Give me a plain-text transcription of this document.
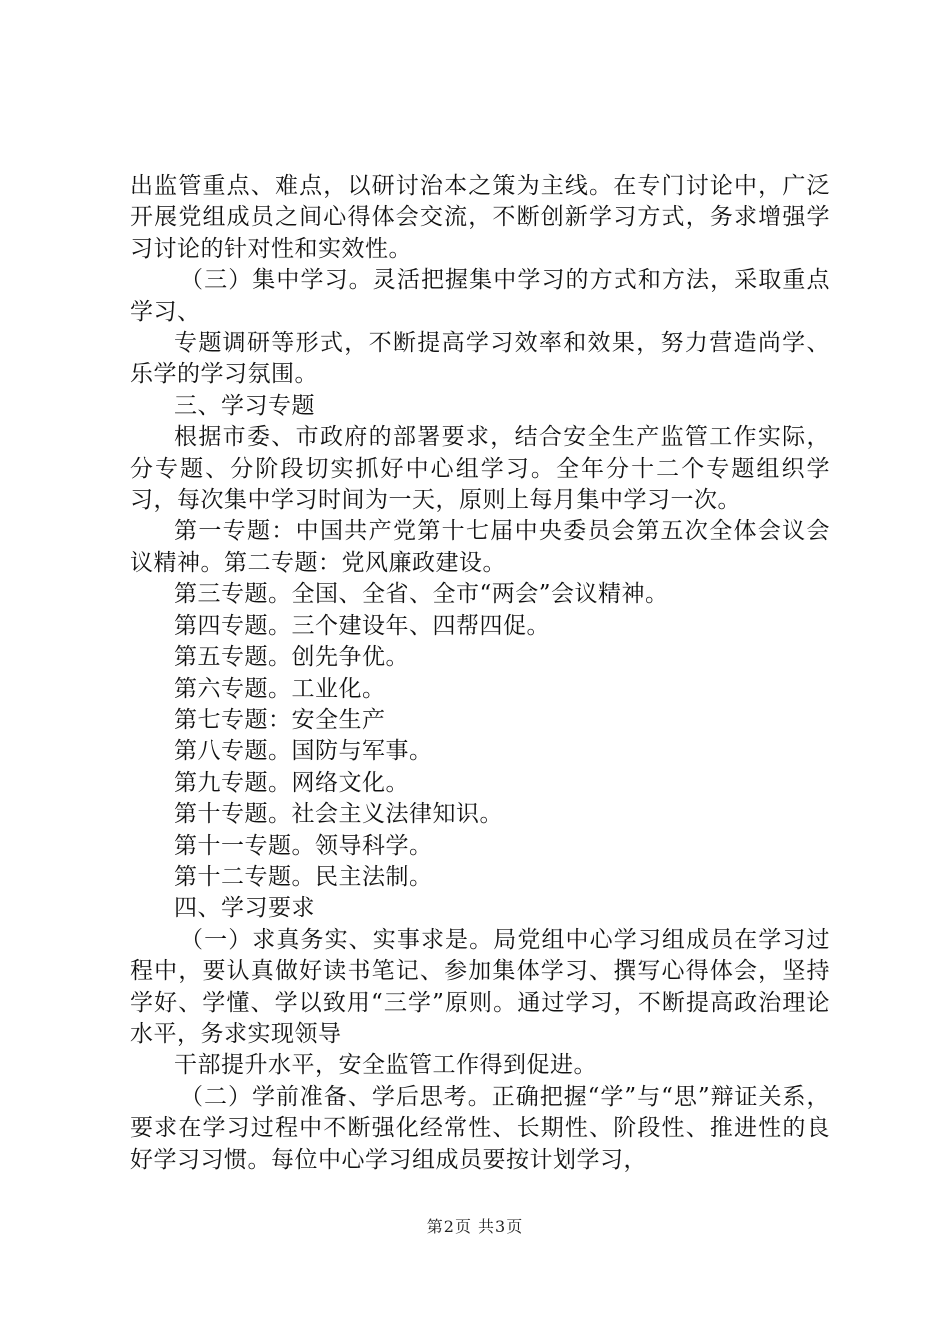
出监管重点、难点，以研讨治本之策为主线。在专门讨论中，广泛开展党组成员之间心得体会交流，不断创新学习方式，务求增强学习讨论的针对性和实效性。

（三）集中学习。灵活把握集中学习的方式和方法，采取重点学习、

专题调研等形式，不断提高学习效率和效果，努力营造尚学、乐学的学习氛围。

三、学习专题

根据市委、市政府的部署要求，结合安全生产监管工作实际，分专题、分阶段切实抓好中心组学习。全年分十二个专题组织学习，每次集中学习时间为一天，原则上每月集中学习一次。

第一专题：中国共产党第十七届中央委员会第五次全体会议会议精神。第二专题：党风廉政建设。

第三专题。全国、全省、全市“两会”会议精神。

第四专题。三个建设年、四帮四促。

第五专题。创先争优。

第六专题。工业化。

第七专题：安全生产

第八专题。国防与军事。

第九专题。网络文化。

第十专题。社会主义法律知识。

第十一专题。领导科学。

第十二专题。民主法制。

四、学习要求

（一）求真务实、实事求是。局党组中心学习组成员在学习过程中，要认真做好读书笔记、参加集体学习、撰写心得体会，坚持学好、学懂、学以致用“三学”原则。通过学习，不断提高政治理论水平，务求实现领导

干部提升水平，安全监管工作得到促进。

（二）学前准备、学后思考。正确把握“学”与“思”辩证关系，要求在学习过程中不断强化经常性、长期性、阶段性、推进性的良好学习习惯。每位中心学习组成员要按计划学习，

第2页 共3页
